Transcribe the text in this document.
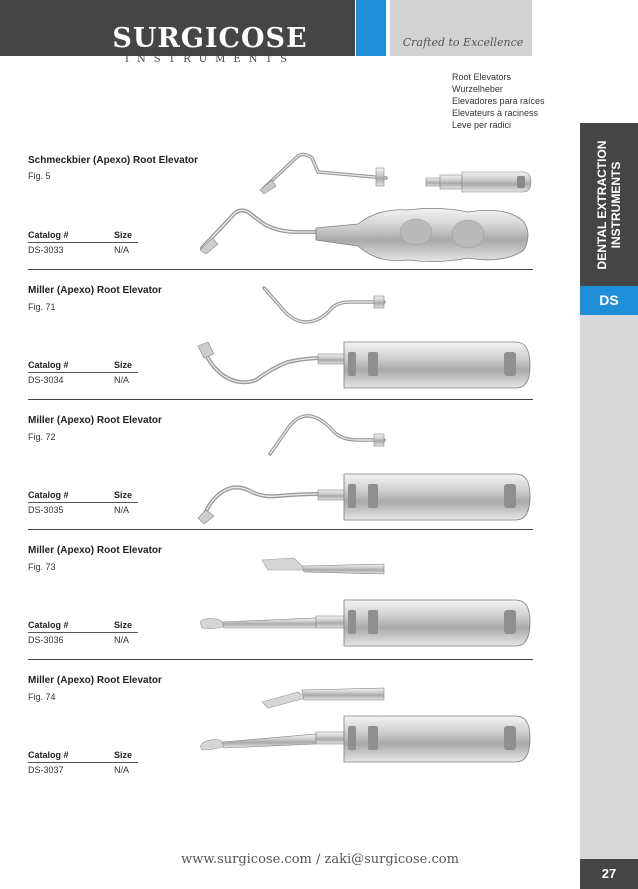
SURGICOSE
INSTRUMENTS
Crafted to Excellence
Root Elevators
Wurzelheber
Elevadores para raíces
Elevateurs à raciness
Leve per radici
DENTAL EXTRACTION INSTRUMENTS
DS
27
Schmeckbier (Apexo) Root Elevator
Fig. 5
Catalog #	Size
DS-3033	N/A
Miller (Apexo) Root Elevator
Fig. 71
Catalog #	Size
DS-3034	N/A
Miller (Apexo) Root Elevator
Fig. 72
Catalog #	Size
DS-3035	N/A
Miller (Apexo) Root Elevator
Fig. 73
Catalog #	Size
DS-3036	N/A
Miller (Apexo) Root Elevator
Fig. 74
Catalog #	Size
DS-3037	N/A
www.surgicose.com / zaki@surgicose.com
